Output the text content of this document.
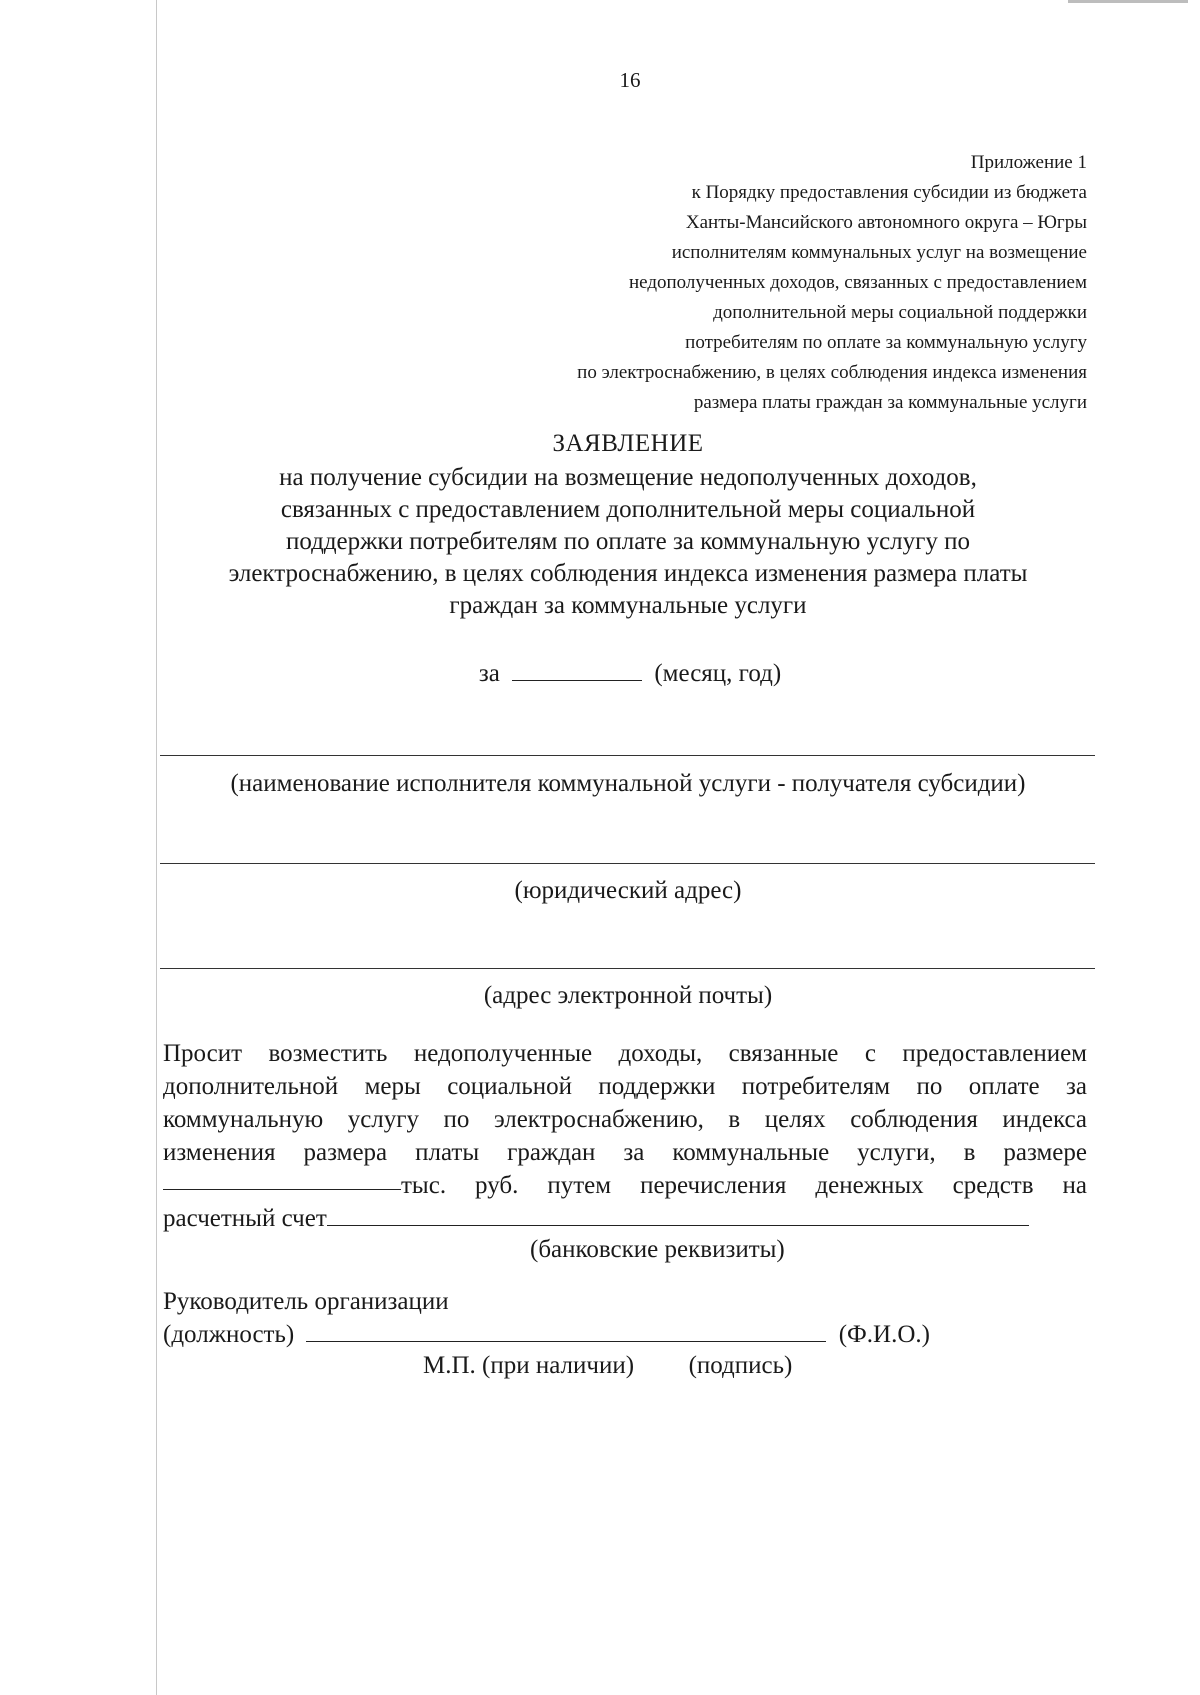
16
Приложение 1
к Порядку предоставления субсидии из бюджета
Ханты-Мансийского автономного округа – Югры
исполнителям коммунальных услуг на возмещение
недополученных доходов, связанных с предоставлением
дополнительной меры социальной поддержки
потребителям по оплате за коммунальную услугу
по электроснабжению, в целях соблюдения индекса изменения
размера платы граждан за коммунальные услуги
ЗАЯВЛЕНИЕ
на получение субсидии на возмещение недополученных доходов,
связанных с предоставлением дополнительной меры социальной
поддержки потребителям по оплате за коммунальную услугу по
электроснабжению, в целях соблюдения индекса изменения размера платы
граждан за коммунальные услуги
за	(месяц, год)
(наименование исполнителя коммунальной услуги - получателя субсидии)
(юридический адрес)
(адрес электронной почты)
Просит возместить недополученные доходы, связанные с предоставлением
дополнительной меры социальной поддержки потребителям по оплате за
коммунальную услугу по электроснабжению, в целях соблюдения индекса
изменения размера платы граждан за коммунальные услуги, в размере
тыс. руб. путем перечисления денежных средств на
расчетный счет
(банковские реквизиты)
Руководитель организации
(должность)	(Ф.И.О.)
М.П. (при наличии) (подпись)
